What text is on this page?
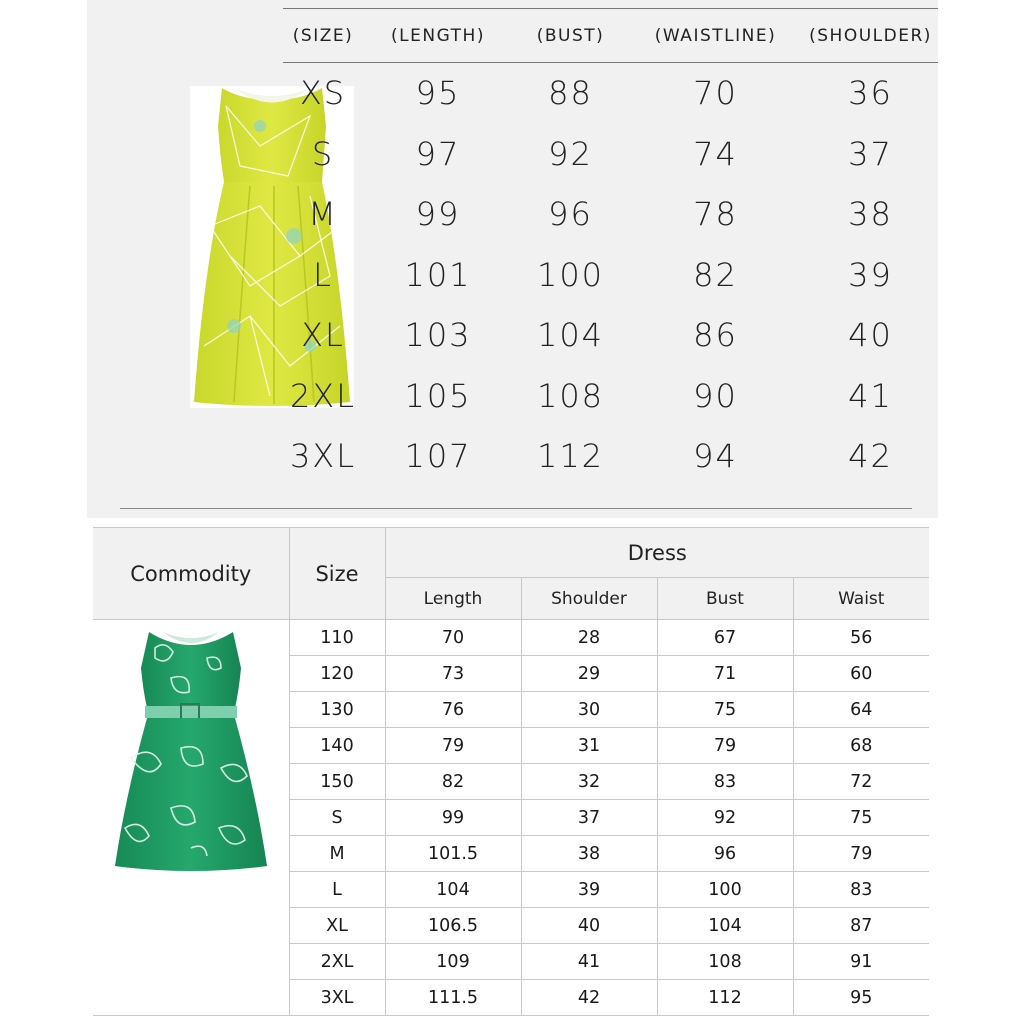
(SIZE)	(LENGTH)	(BUST)	(WAISTLINE)	(SHOULDER)
XS	95	88	70	36
S	97	92	74	37
M	99	96	78	38
L	101	100	82	39
XL	103	104	86	40
2XL	105	108	90	41
3XL	107	112	94	42
Commodity	Size	Dress			
		Length	Shoulder	Bust	Waist

	110	70	28	67	56
	120	73	29	71	60
	130	76	30	75	64
	140	79	31	79	68
	150	82	32	83	72
	S	99	37	92	75
	M	101.5	38	96	79
	L	104	39	100	83
	XL	106.5	40	104	87
	2XL	109	41	108	91
	3XL	111.5	42	112	95
